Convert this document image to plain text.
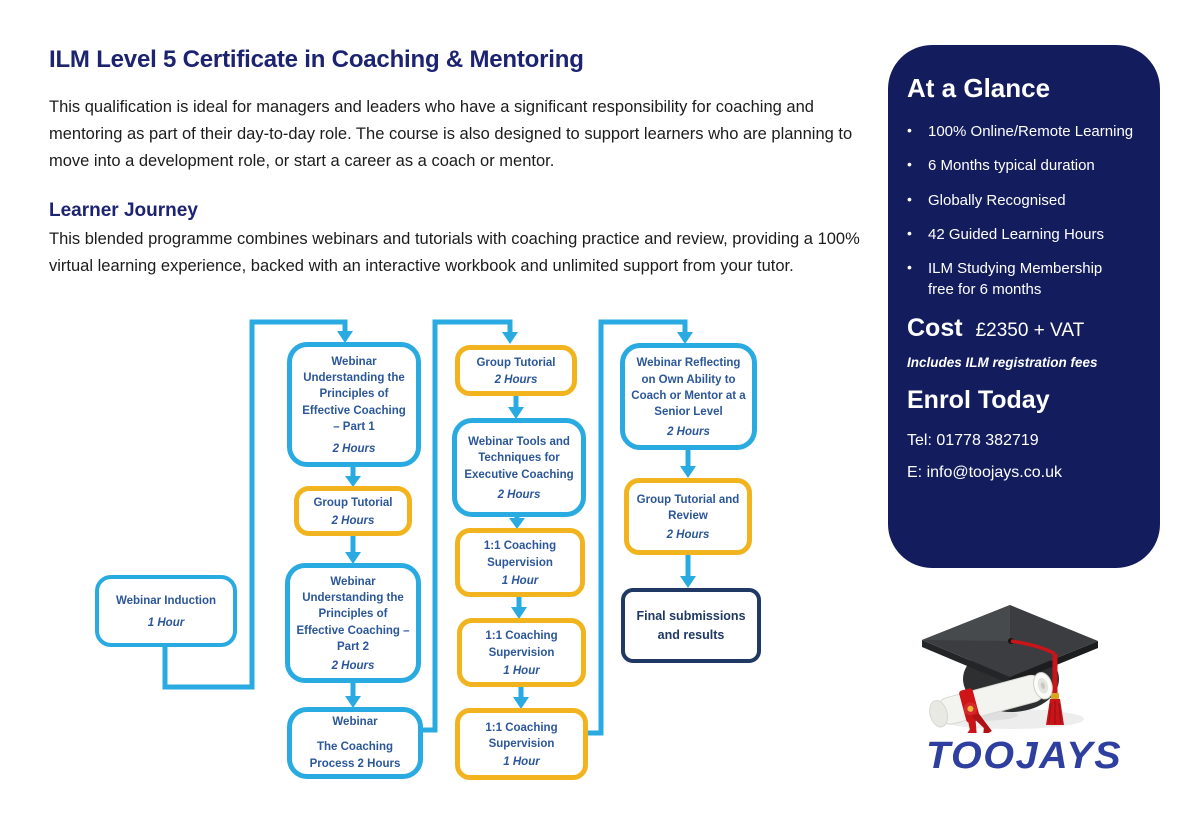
ILM Level 5 Certificate in Coaching & Mentoring
This qualification is ideal for managers and leaders who have a significant responsibility for coaching and mentoring as part of their day-to-day role. The course is also designed to support learners who are planning to move into a development role, or start a career as a coach or mentor.
Learner Journey
This blended programme combines webinars and tutorials with coaching practice and review, providing a 100% virtual learning experience, backed with an interactive workbook and unlimited support from your tutor.
Webinar Induction
1 Hour
Webinar Understanding the Principles of Effective Coaching – Part 1
2 Hours
Group Tutorial
2 Hours
Webinar Understanding the Principles of Effective Coaching – Part 2
2 Hours
Webinar
The Coaching Process 2 Hours
Group Tutorial
2 Hours
Webinar Tools and Techniques for Executive Coaching
2 Hours
1:1 Coaching Supervision
1 Hour
1:1 Coaching Supervision
1 Hour
1:1 Coaching Supervision
1 Hour
Webinar Reflecting on Own Ability to Coach or Mentor at a Senior Level
2 Hours
Group Tutorial and Review
2 Hours
Final submissions and results
At a Glance
•	100% Online/Remote Learning
•	6 Months typical duration
•	Globally Recognised
•	42 Guided Learning Hours
•	ILM Studying Membership free for 6 months
Cost £2350 + VAT
Includes ILM registration fees
Enrol Today
Tel: 01778 382719
E: info@toojays.co.uk
TOOJAYS
